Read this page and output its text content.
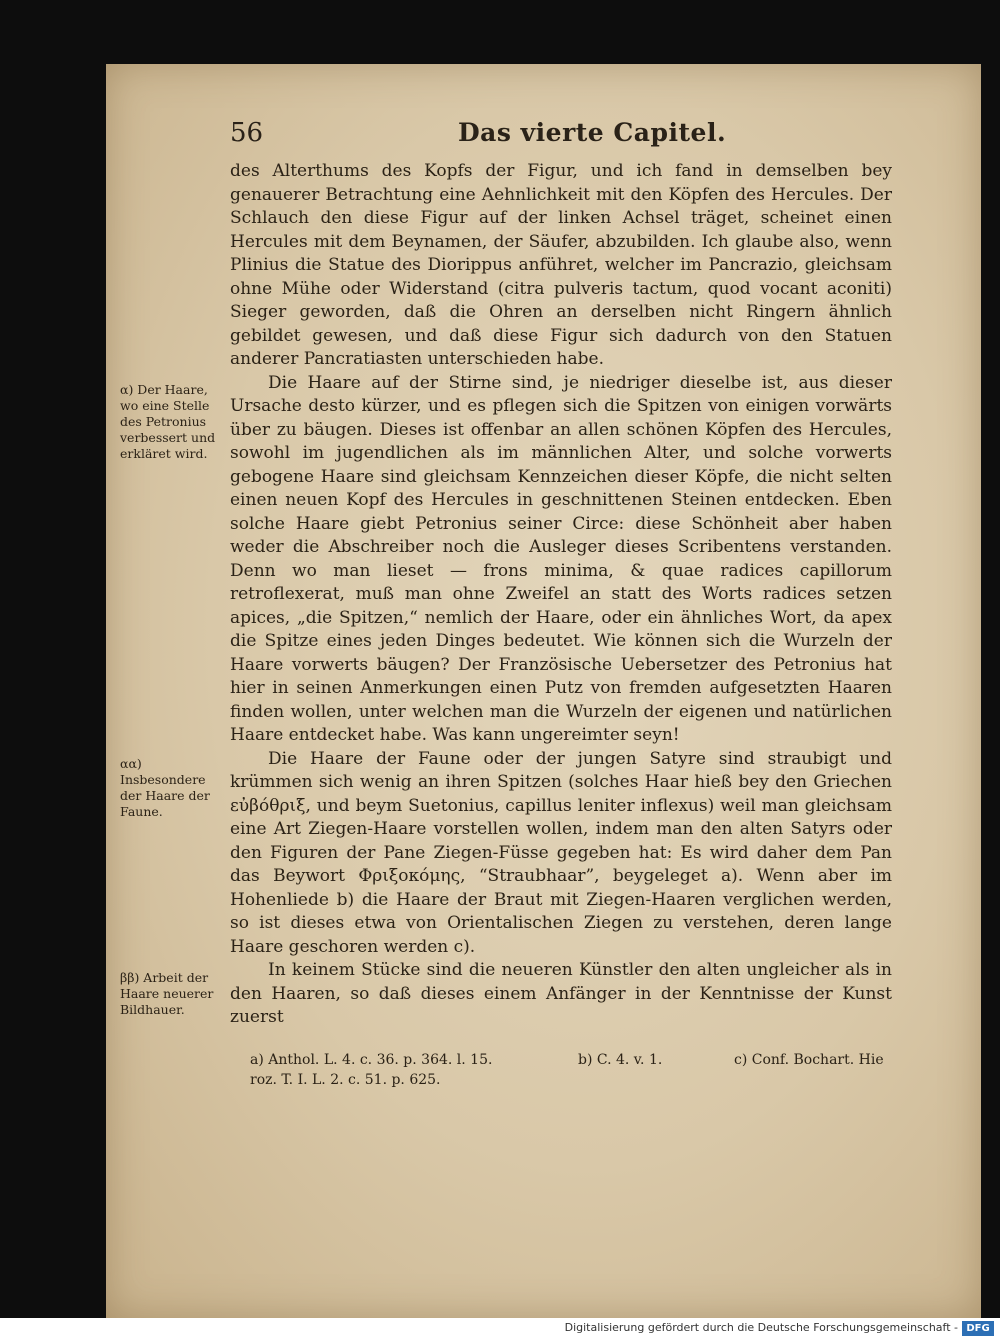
56	Das vierte Capitel.
α) Der Haare, wo eine Stelle des Petronius verbessert und erkläret wird.
αα) Insbesondere der Haare der Faune.
ββ) Arbeit der Haare neuerer Bildhauer.

des Alterthums des Kopfs der Figur, und ich fand in demselben bey genauerer Betrachtung eine Aehnlichkeit mit den Köpfen des Hercules. Der Schlauch den diese Figur auf der linken Achsel träget, scheinet einen Hercules mit dem Beynamen, der Säufer, abzubilden. Ich glaube also, wenn Plinius die Statue des Diorippus anführet, welcher im Pancrazio, gleichsam ohne Mühe oder Widerstand (citra pulveris tactum, quod vocant aconiti) Sieger geworden, daß die Ohren an derselben nicht Ringern ähnlich gebildet gewesen, und daß diese Figur sich dadurch von den Statuen anderer Pancratiasten unterschieden habe.

Die Haare auf der Stirne sind, je niedriger dieselbe ist, aus dieser Ursache desto kürzer, und es pflegen sich die Spitzen von einigen vorwärts über zu bäugen. Dieses ist offenbar an allen schönen Köpfen des Hercules, sowohl im jugendlichen als im männlichen Alter, und solche vorwerts gebogene Haare sind gleichsam Kennzeichen dieser Köpfe, die nicht selten einen neuen Kopf des Hercules in geschnittenen Steinen entdecken. Eben solche Haare giebt Petronius seiner Circe: diese Schönheit aber haben weder die Abschreiber noch die Ausleger dieses Scribentens verstanden. Denn wo man lieset — frons minima, & quae radices capillorum retroflexerat, muß man ohne Zweifel an statt des Worts radices setzen apices, „die Spitzen,“ nemlich der Haare, oder ein ähnliches Wort, da apex die Spitze eines jeden Dinges bedeutet. Wie können sich die Wurzeln der Haare vorwerts bäugen? Der Französische Uebersetzer des Petronius hat hier in seinen Anmerkungen einen Putz von fremden aufgesetzten Haaren finden wollen, unter welchen man die Wurzeln der eigenen und natürlichen Haare entdecket habe. Was kann ungereimter seyn!

Die Haare der Faune oder der jungen Satyre sind straubigt und krümmen sich wenig an ihren Spitzen (solches Haar hieß bey den Griechen εὐβόθριξ, und beym Suetonius, capillus leniter inflexus) weil man gleichsam eine Art Ziegen-Haare vorstellen wollen, indem man den alten Satyrs oder den Figuren der Pane Ziegen-Füsse gegeben hat: Es wird daher dem Pan das Beywort Φριξοκόμης, “Straubhaar”, beygeleget a). Wenn aber im Hohenliede b) die Haare der Braut mit Ziegen-Haaren verglichen werden, so ist dieses etwa von Orientalischen Ziegen zu verstehen, deren lange Haare geschoren werden c).

In keinem Stücke sind die neueren Künstler den alten ungleicher als in den Haaren, so daß dieses einem Anfänger in der Kenntnisse der Kunst zuerst

a) Anthol. L. 4. c. 36. p. 364. l. 15.
roz. T. I. L. 2. c. 51. p. 625.
b) C. 4. v. 1.	c) Conf. Bochart. Hie
Digitalisierung gefördert durch die Deutsche Forschungsgemeinschaft - DFG
